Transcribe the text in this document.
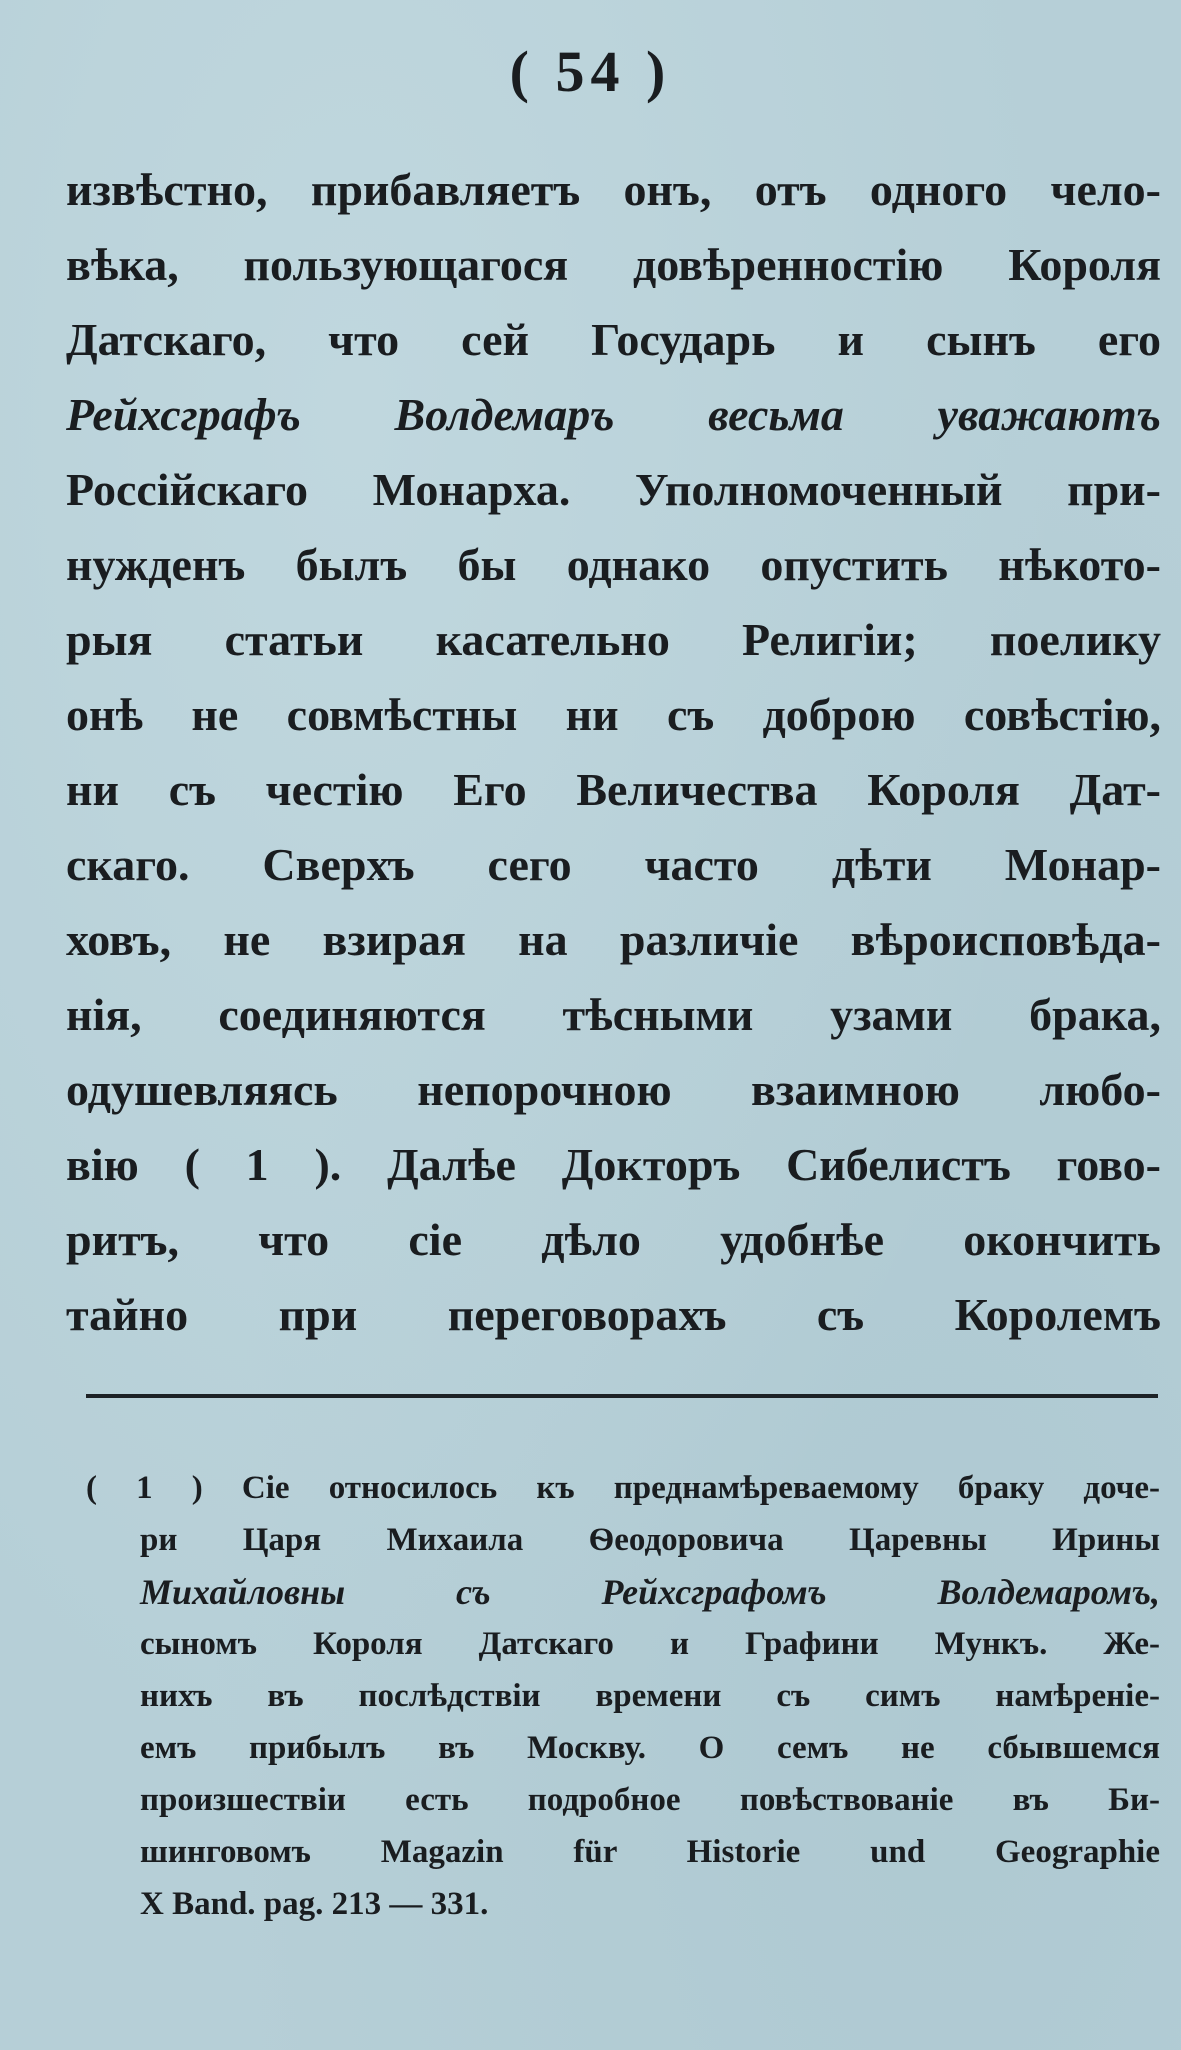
( 54 )
извѣстно, прибавляетъ онъ, отъ одного чело-
вѣка, пользующагося довѣренностію Короля
Датскаго, что сей Государь и сынъ его
Рейхсграфъ Волдемаръ весьма уважаютъ
Россійскаго Монарха. Уполномоченный при-
нужденъ былъ бы однако опустить нѣкото-
рыя статьи касательно Религіи; поелику
онѣ не совмѣстны ни съ доброю совѣстію,
ни съ честію Его Величества Короля Дат-
скаго. Сверхъ сего часто дѣти Монар-
ховъ, не взирая на различіе вѣроисповѣда-
нія, соединяются тѣсными узами брака,
одушевляясь непорочною взаимною любо-
вію ( 1 ). Далѣе Докторъ Сибелистъ гово-
ритъ, что сіе дѣло удобнѣе окончить
тайно при переговорахъ съ Королемъ
( 1 ) Сіе относилось къ преднамѣреваемому браку доче-
ри Царя Михаила Ѳеодоровича Царевны Ирины
Михайловны съ Рейхсграфомъ Волдемаромъ,
сыномъ Короля Датскаго и Графини Мункъ. Же-
нихъ въ послѣдствіи времени съ симъ намѣреніе-
емъ прибылъ въ Москву. О семъ не сбывшемся
произшествіи есть подробное повѣствованіе въ Би-
шинговомъ Magazin für Historie und Geographie
X Band. pag. 213 — 331.
